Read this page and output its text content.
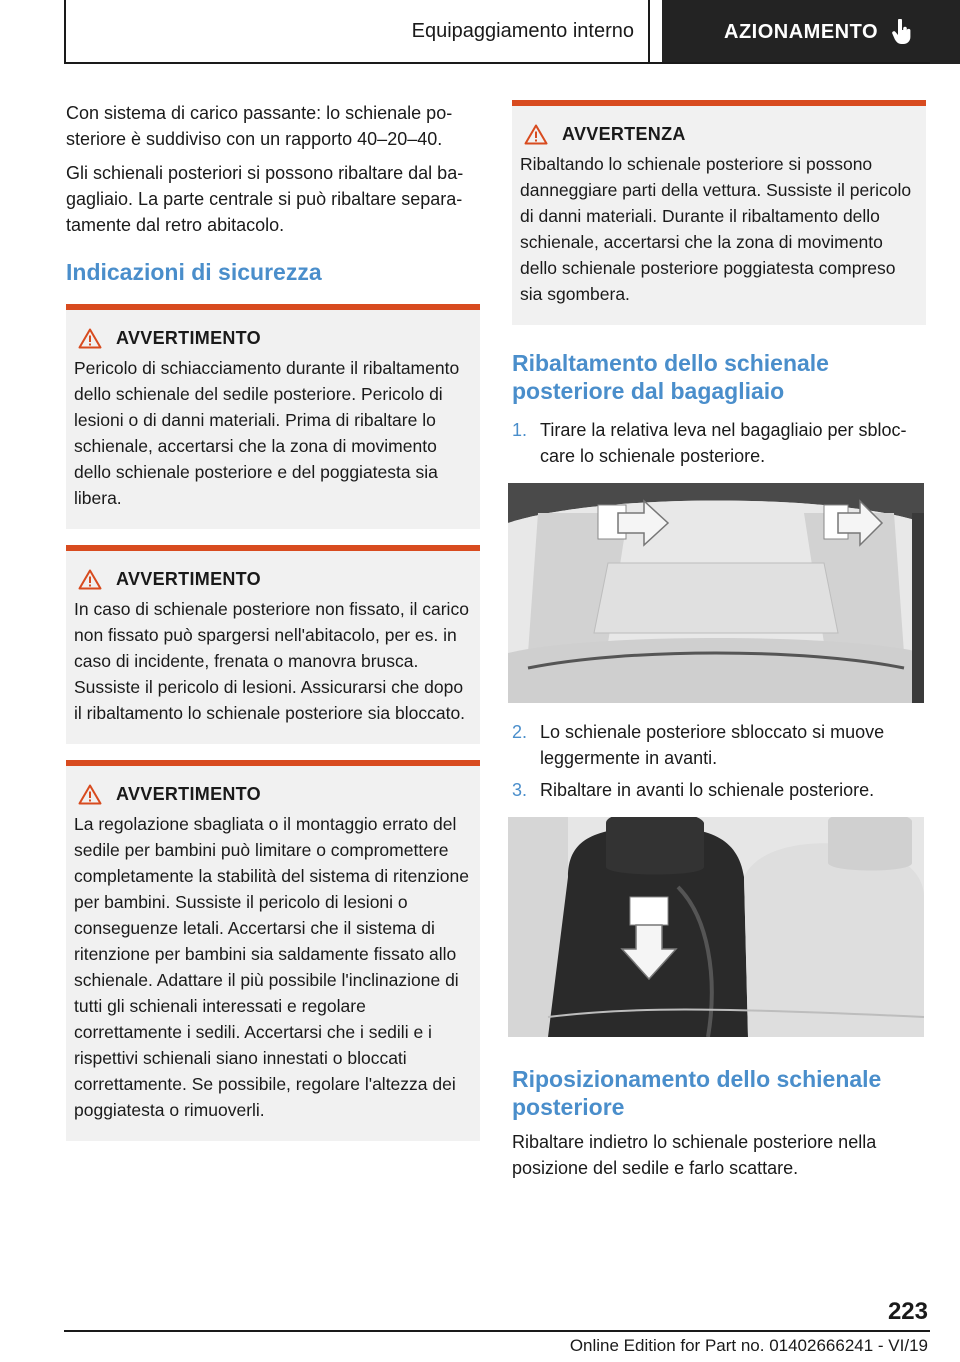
Equipaggiamento interno	AZIONAMENTO

Con sistema di carico passante: lo schienale posteriore è suddiviso con un rapporto 40–20–40.

Gli schienali posteriori si possono ribaltare dal bagagliaio. La parte centrale si può ribaltare separatamente dal retro abitacolo.

Indicazioni di sicurezza
AVVERTIMENTO
Pericolo di schiacciamento durante il ribaltamento dello schienale del sedile posteriore. Pericolo di lesioni o di danni materiali. Prima di ribaltare lo schienale, accertarsi che la zona di movimento dello schienale posteriore e del poggiatesta sia libera.
AVVERTIMENTO
In caso di schienale posteriore non fissato, il carico non fissato può spargersi nell'abitacolo, per es. in caso di incidente, frenata o manovra brusca. Sussiste il pericolo di lesioni. Assicurarsi che dopo il ribaltamento lo schienale posteriore sia bloccato.
AVVERTIMENTO
La regolazione sbagliata o il montaggio errato del sedile per bambini può limitare o compromettere completamente la stabilità del sistema di ritenzione per bambini. Sussiste il pericolo di lesioni o conseguenze letali. Accertarsi che il sistema di ritenzione per bambini sia saldamente fissato allo schienale. Adattare il più possibile l'inclinazione di tutti gli schienali interessati e regolare correttamente i sedili. Accertarsi che i sedili e i rispettivi schienali siano innestati o bloccati correttamente. Se possibile, regolare l'altezza dei poggiatesta o rimuoverli.
AVVERTENZA
Ribaltando lo schienale posteriore si possono danneggiare parti della vettura. Sussiste il pericolo di danni materiali. Durante il ribaltamento dello schienale, accertarsi che la zona di movimento dello schienale posteriore poggiatesta compreso sia sgombera.
Ribaltamento dello schienale posteriore dal bagagliaio
1. Tirare la relativa leva nel bagagliaio per sbloccare lo schienale posteriore.
2. Lo schienale posteriore sbloccato si muove leggermente in avanti.
3. Ribaltare in avanti lo schienale posteriore.
Riposizionamento dello schienale posteriore

Ribaltare indietro lo schienale posteriore nella posizione del sedile e farlo scattare.

223
Online Edition for Part no. 01402666241 - VI/19
